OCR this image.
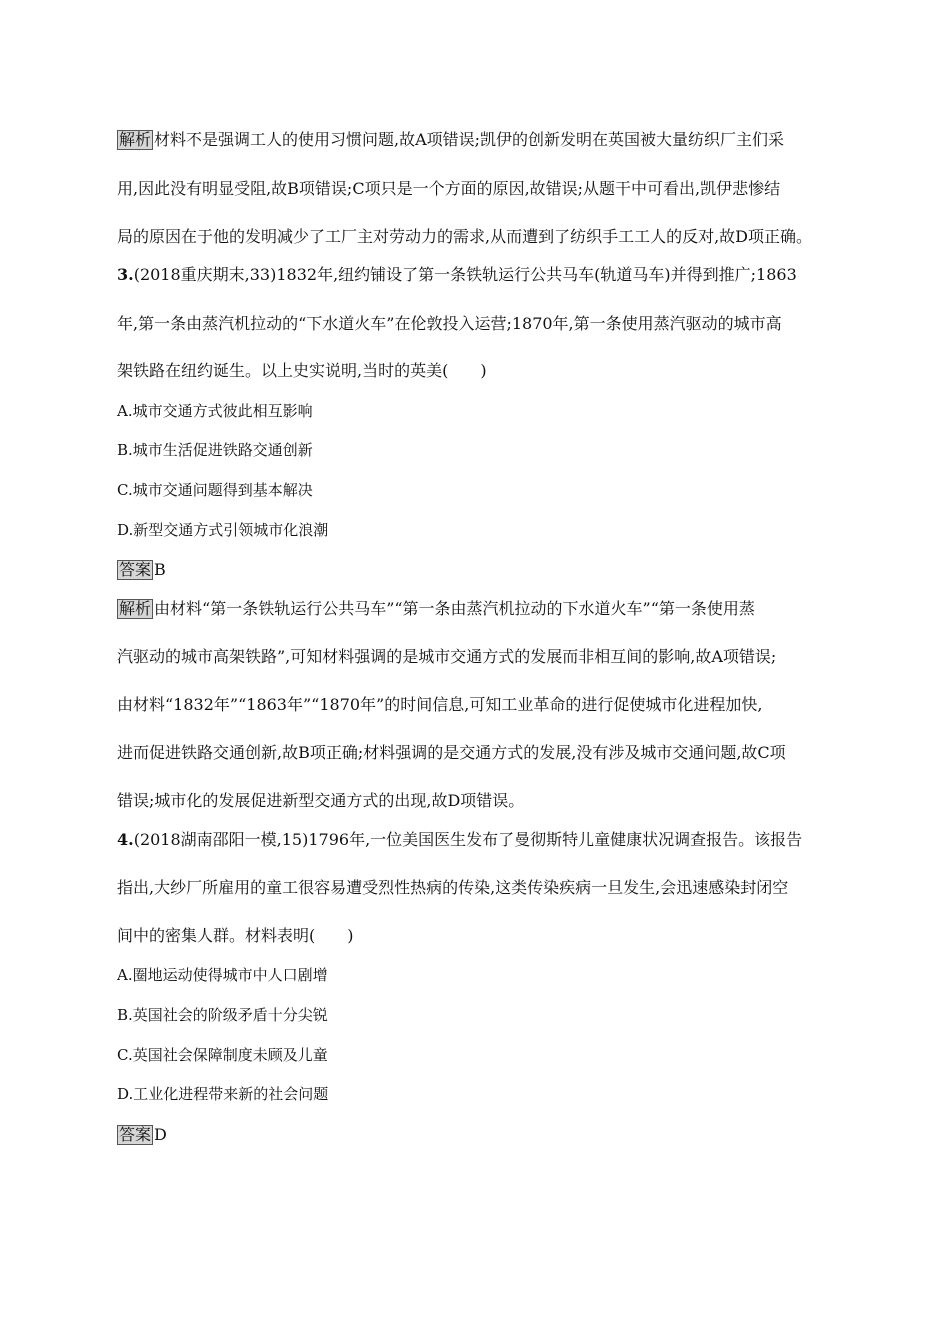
解析 材料不是强调工人的使用习惯问题,故A项错误;凯伊的创新发明在英国被大量纺织厂主们采
用,因此没有明显受阻,故B项错误;C项只是一个方面的原因,故错误;从题干中可看出,凯伊悲惨结
局的原因在于他的发明减少了工厂主对劳动力的需求,从而遭到了纺织手工工人的反对,故D项正确。
3.(2018重庆期末,33)1832年,纽约铺设了第一条铁轨运行公共马车(轨道马车)并得到推广;1863
年,第一条由蒸汽机拉动的“下水道火车”在伦敦投入运营;1870年,第一条使用蒸汽驱动的城市高
架铁路在纽约诞生。以上史实说明,当时的英美(　　)
A.城市交通方式彼此相互影响
B.城市生活促进铁路交通创新
C.城市交通问题得到基本解决
D.新型交通方式引领城市化浪潮
答案 B
解析 由材料“第一条铁轨运行公共马车”“第一条由蒸汽机拉动的下水道火车”“第一条使用蒸
汽驱动的城市高架铁路”,可知材料强调的是城市交通方式的发展而非相互间的影响,故A项错误;
由材料“1832年”“1863年”“1870年”的时间信息,可知工业革命的进行促使城市化进程加快,
进而促进铁路交通创新,故B项正确;材料强调的是交通方式的发展,没有涉及城市交通问题,故C项
错误;城市化的发展促进新型交通方式的出现,故D项错误。
4.(2018湖南邵阳一模,15)1796年,一位美国医生发布了曼彻斯特儿童健康状况调查报告。该报告
指出,大纱厂所雇用的童工很容易遭受烈性热病的传染,这类传染疾病一旦发生,会迅速感染封闭空
间中的密集人群。材料表明(　　)
A.圈地运动使得城市中人口剧增
B.英国社会的阶级矛盾十分尖锐
C.英国社会保障制度未顾及儿童
D.工业化进程带来新的社会问题
答案 D
